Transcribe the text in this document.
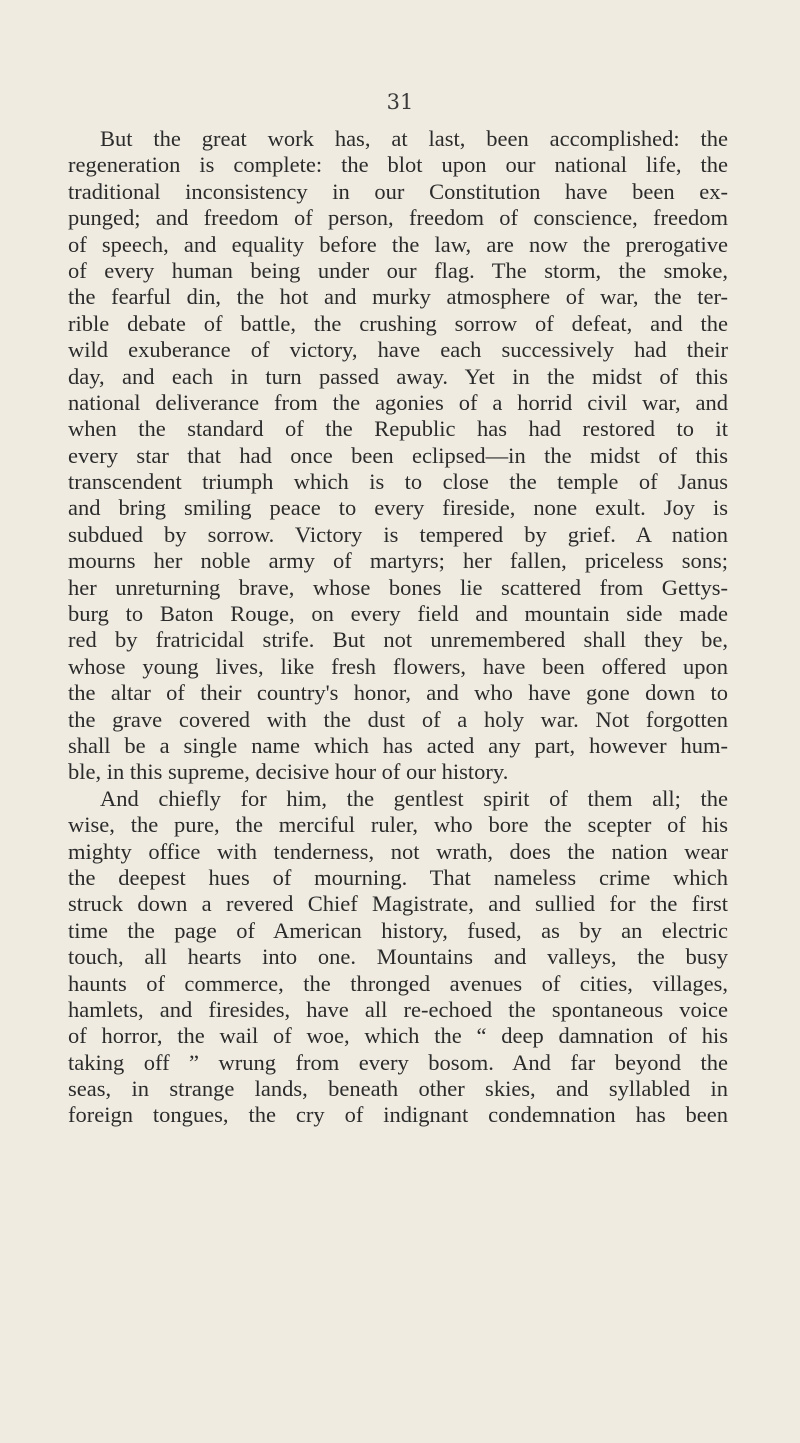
31
But the great work has, at last, been accomplished: the
regeneration is complete: the blot upon our national life, the
traditional inconsistency in our Constitution have been ex-
punged; and freedom of person, freedom of conscience, freedom
of speech, and equality before the law, are now the prerogative
of every human being under our flag. The storm, the smoke,
the fearful din, the hot and murky atmosphere of war, the ter-
rible debate of battle, the crushing sorrow of defeat, and the
wild exuberance of victory, have each successively had their
day, and each in turn passed away. Yet in the midst of this
national deliverance from the agonies of a horrid civil war, and
when the standard of the Republic has had restored to it
every star that had once been eclipsed—in the midst of this
transcendent triumph which is to close the temple of Janus
and bring smiling peace to every fireside, none exult. Joy is
subdued by sorrow. Victory is tempered by grief. A nation
mourns her noble army of martyrs; her fallen, priceless sons;
her unreturning brave, whose bones lie scattered from Gettys-
burg to Baton Rouge, on every field and mountain side made
red by fratricidal strife. But not unremembered shall they be,
whose young lives, like fresh flowers, have been offered upon
the altar of their country's honor, and who have gone down to
the grave covered with the dust of a holy war. Not forgotten
shall be a single name which has acted any part, however hum-
ble, in this supreme, decisive hour of our history.
And chiefly for him, the gentlest spirit of them all; the
wise, the pure, the merciful ruler, who bore the scepter of his
mighty office with tenderness, not wrath, does the nation wear
the deepest hues of mourning. That nameless crime which
struck down a revered Chief Magistrate, and sullied for the first
time the page of American history, fused, as by an electric
touch, all hearts into one. Mountains and valleys, the busy
haunts of commerce, the thronged avenues of cities, villages,
hamlets, and firesides, have all re-echoed the spontaneous voice
of horror, the wail of woe, which the “ deep damnation of his
taking off ” wrung from every bosom. And far beyond the
seas, in strange lands, beneath other skies, and syllabled in
foreign tongues, the cry of indignant condemnation has been
